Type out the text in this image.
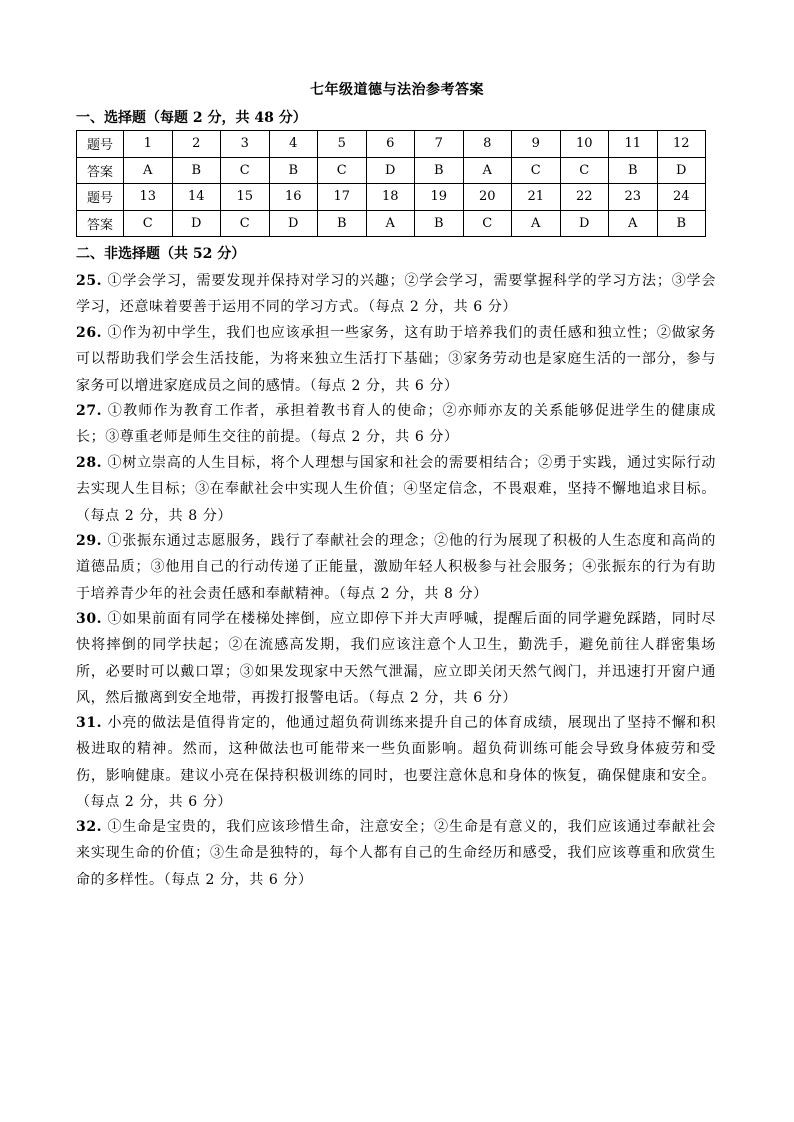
七年级道德与法治参考答案
一、选择题（每题 2 分，共 48 分）
题号	1	2	3	4	5	6	7	8	9	10	11	12
答案	A	B	C	B	C	D	B	A	C	C	B	D
题号	13	14	15	16	17	18	19	20	21	22	23	24
答案	C	D	C	D	B	A	B	C	A	D	A	B
二、非选择题（共 52 分）
25. ①学会学习，需要发现并保持对学习的兴趣；②学会学习，需要掌握科学的学习方法；③学会学习，还意味着要善于运用不同的学习方式。（每点 2 分，共 6 分）
26. ①作为初中学生，我们也应该承担一些家务，这有助于培养我们的责任感和独立性；②做家务可以帮助我们学会生活技能，为将来独立生活打下基础；③家务劳动也是家庭生活的一部分，参与家务可以增进家庭成员之间的感情。（每点 2 分，共 6 分）
27. ①教师作为教育工作者，承担着教书育人的使命；②亦师亦友的关系能够促进学生的健康成长；③尊重老师是师生交往的前提。（每点 2 分，共 6 分）
28. ①树立崇高的人生目标，将个人理想与国家和社会的需要相结合；②勇于实践，通过实际行动去实现人生目标；③在奉献社会中实现人生价值；④坚定信念，不畏艰难，坚持不懈地追求目标。（每点 2 分，共 8 分）
29. ①张振东通过志愿服务，践行了奉献社会的理念；②他的行为展现了积极的人生态度和高尚的道德品质；③他用自己的行动传递了正能量，激励年轻人积极参与社会服务；④张振东的行为有助于培养青少年的社会责任感和奉献精神。（每点 2 分，共 8 分）
30. ①如果前面有同学在楼梯处摔倒，应立即停下并大声呼喊，提醒后面的同学避免踩踏，同时尽快将摔倒的同学扶起；②在流感高发期，我们应该注意个人卫生，勤洗手，避免前往人群密集场所，必要时可以戴口罩；③如果发现家中天然气泄漏，应立即关闭天然气阀门，并迅速打开窗户通风，然后撤离到安全地带，再拨打报警电话。（每点 2 分，共 6 分）
31. 小亮的做法是值得肯定的，他通过超负荷训练来提升自己的体育成绩，展现出了坚持不懈和积极进取的精神。然而，这种做法也可能带来一些负面影响。超负荷训练可能会导致身体疲劳和受伤，影响健康。建议小亮在保持积极训练的同时，也要注意休息和身体的恢复，确保健康和安全。（每点 2 分，共 6 分）
32. ①生命是宝贵的，我们应该珍惜生命，注意安全；②生命是有意义的，我们应该通过奉献社会来实现生命的价值；③生命是独特的，每个人都有自己的生命经历和感受，我们应该尊重和欣赏生命的多样性。（每点 2 分，共 6 分）
